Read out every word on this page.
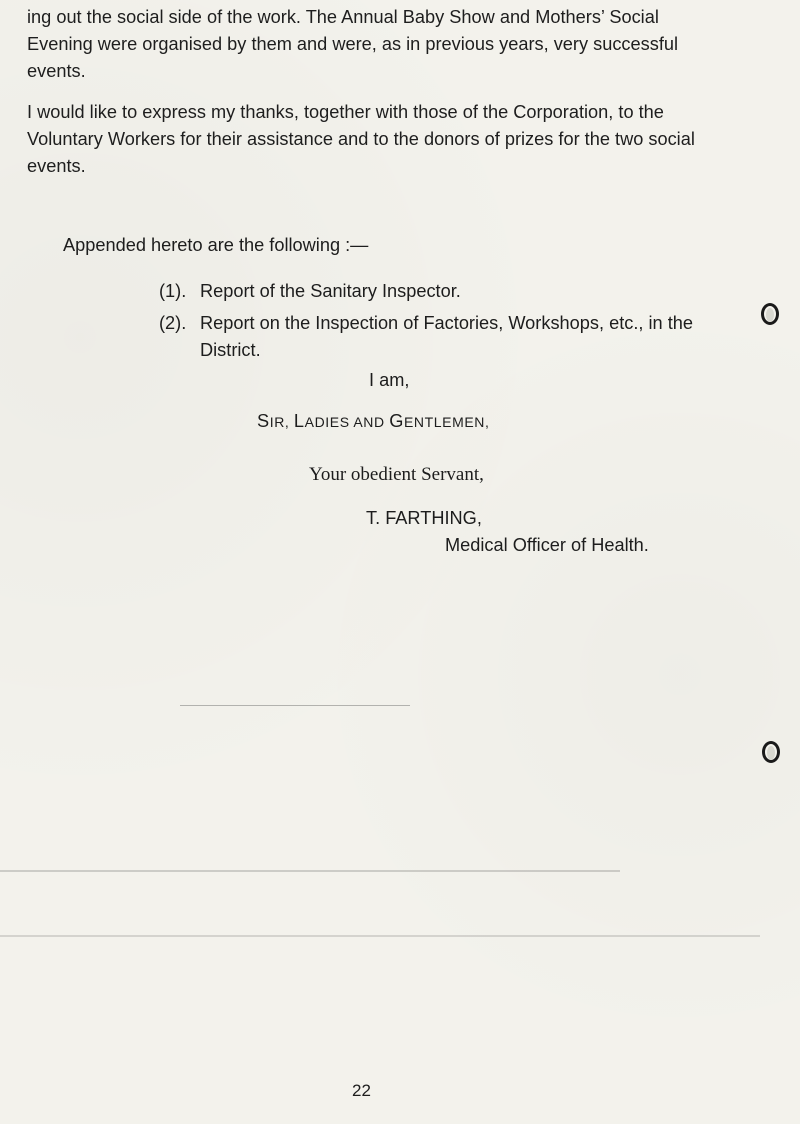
ing out the social side of the work. The Annual Baby Show and Mothers’ Social Evening were organised by them and were, as in previous years, very successful events.
I would like to express my thanks, together with those of the Corporation, to the Voluntary Workers for their assistance and to the donors of prizes for the two social events.
Appended hereto are the following :—
(1). Report of the Sanitary Inspector.
(2). Report on the Inspection of Factories, Workshops, etc., in the District.
I am,
SIR, LADIES AND GENTLEMEN,
Your obedient Servant,
T. FARTHING,
Medical Officer of Health.
22
